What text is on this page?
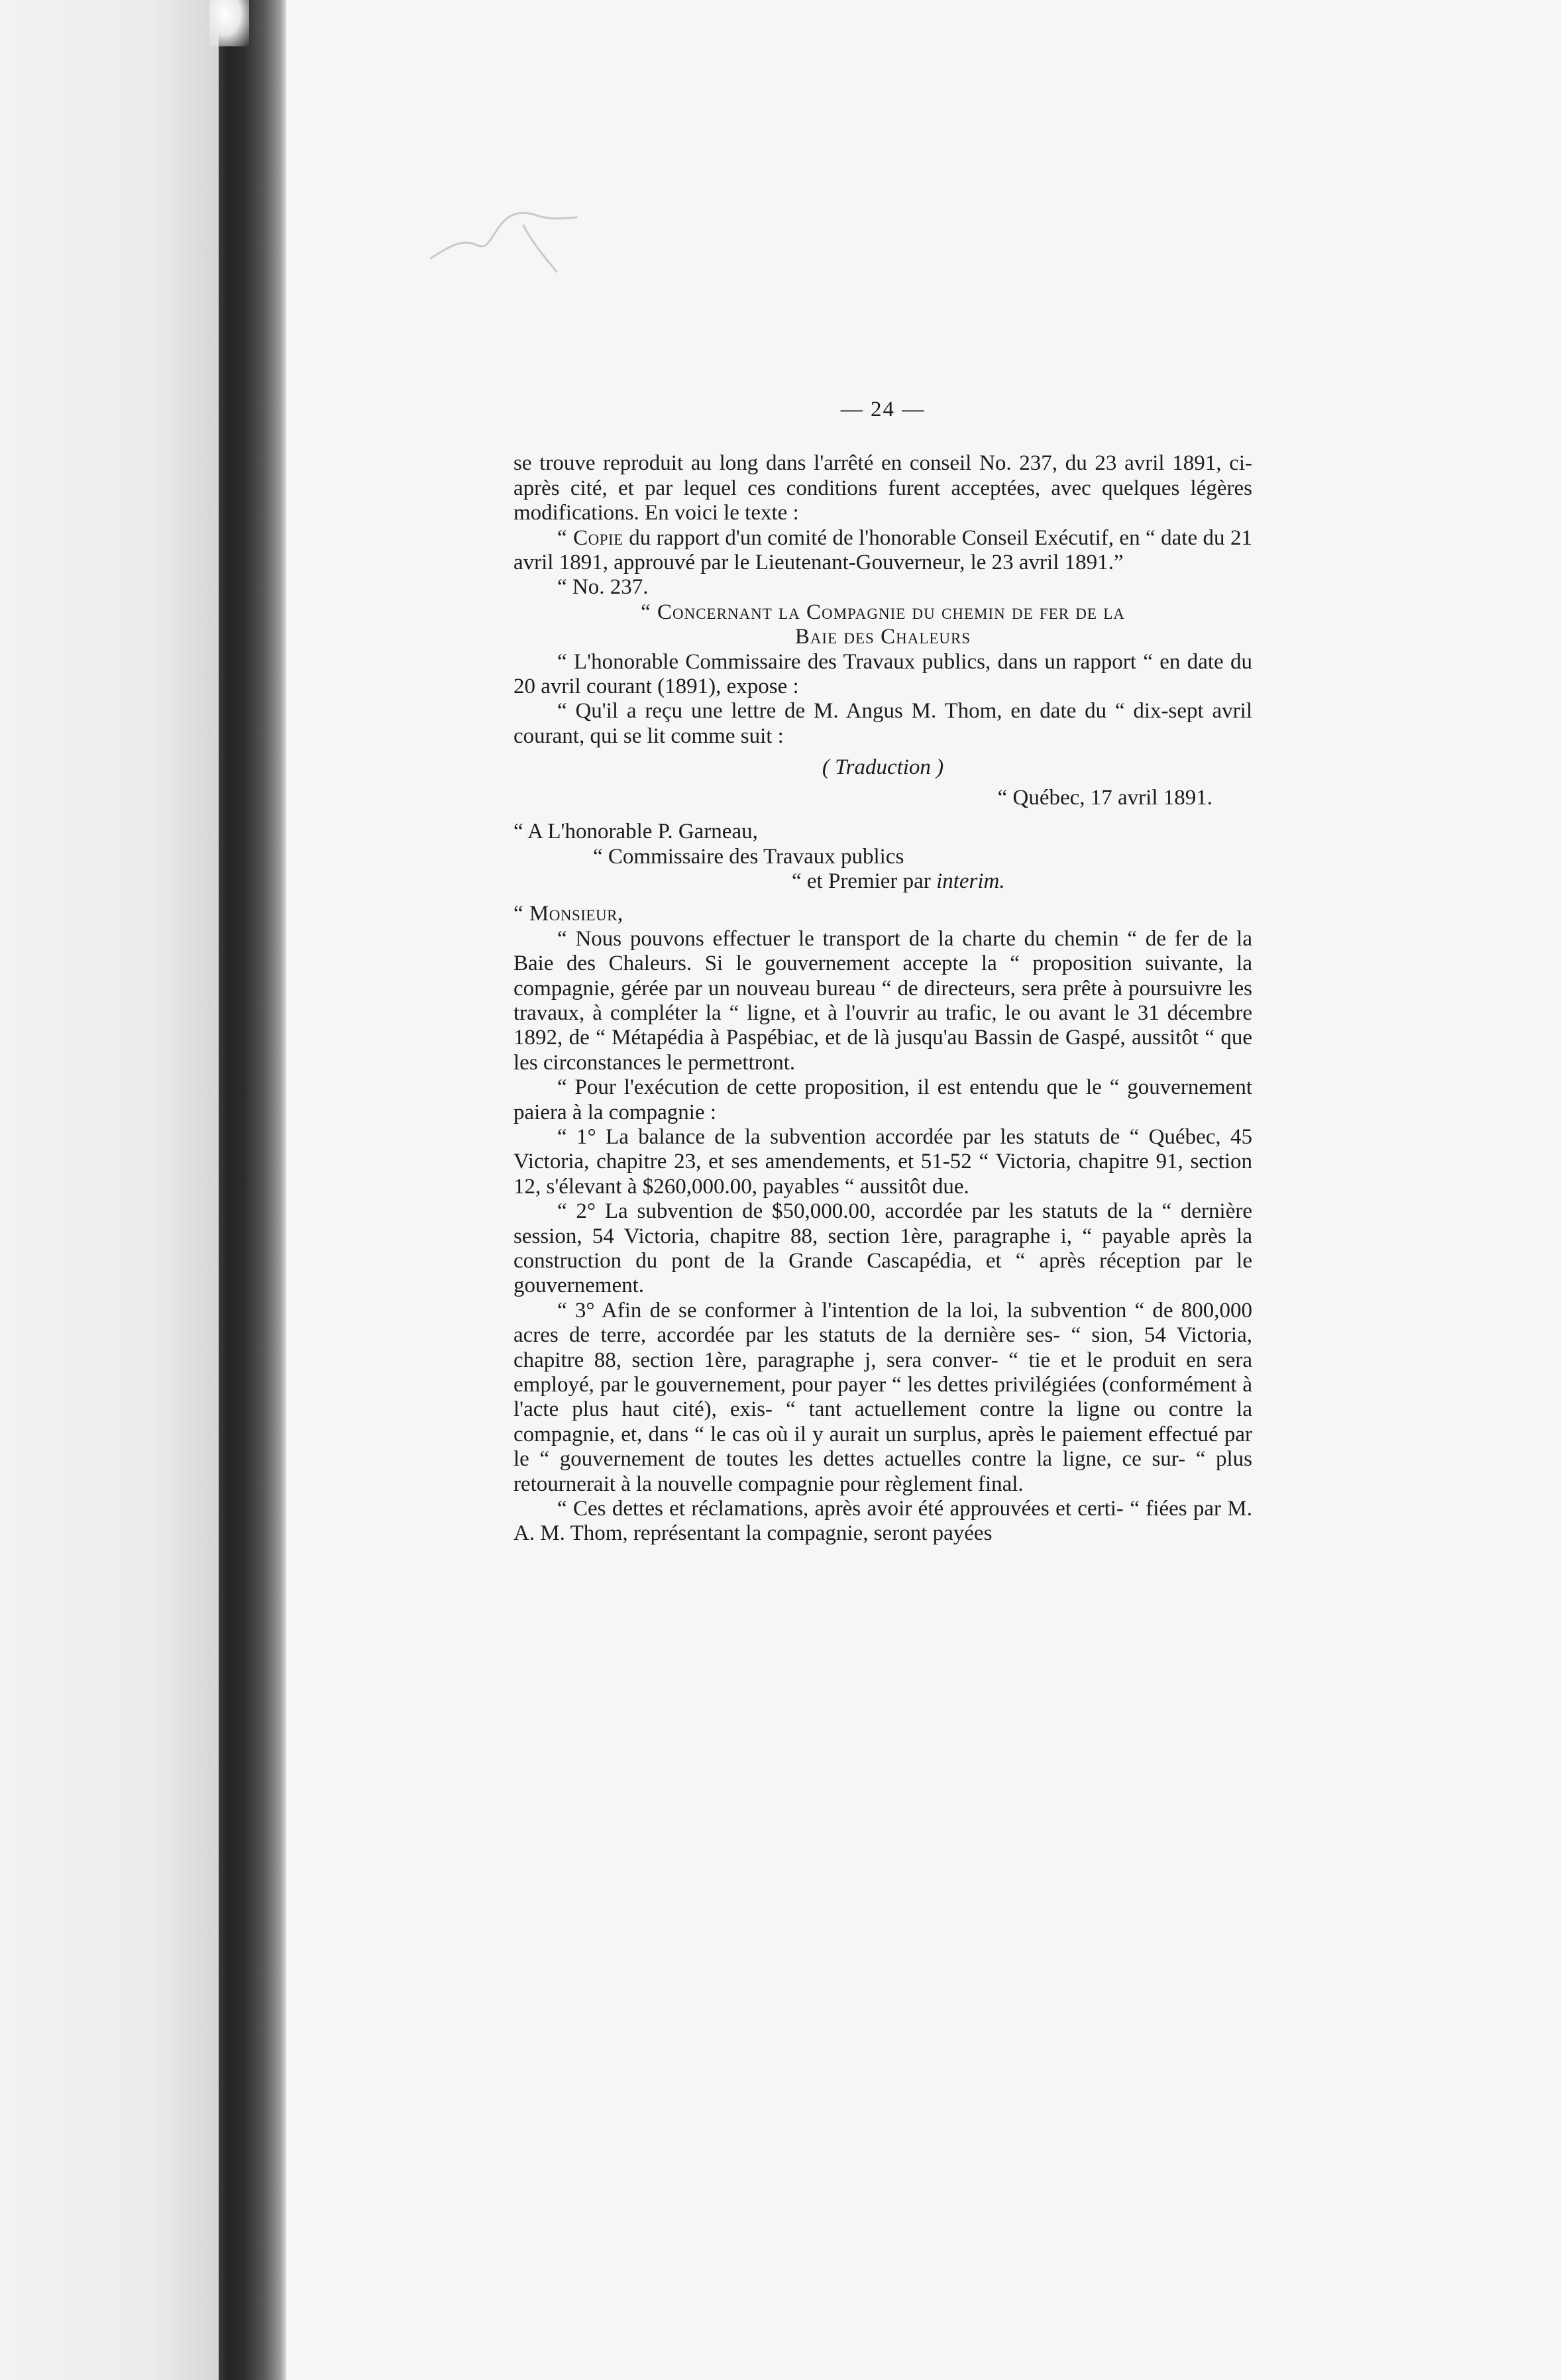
— 24 —

se trouve reproduit au long dans l'arrêté en conseil No. 237, du 23 avril 1891, ci-après cité, et par lequel ces conditions furent acceptées, avec quelques légères modifications. En voici le texte :

“ Copie du rapport d'un comité de l'honorable Conseil Exécutif, en “ date du 21 avril 1891, approuvé par le Lieutenant-Gouverneur, le 23 avril 1891.”

“ No. 237.

“ Concernant la Compagnie du chemin de fer de la

Baie des Chaleurs

“ L'honorable Commissaire des Travaux publics, dans un rapport “ en date du 20 avril courant (1891), expose :

“ Qu'il a reçu une lettre de M. Angus M. Thom, en date du “ dix-sept avril courant, qui se lit comme suit :

( Traduction )

“ Québec, 17 avril 1891.

“ A L'honorable P. Garneau,

“ Commissaire des Travaux publics

“ et Premier par interim.

“ Monsieur,

“ Nous pouvons effectuer le transport de la charte du chemin “ de fer de la Baie des Chaleurs. Si le gouvernement accepte la “ proposition suivante, la compagnie, gérée par un nouveau bureau “ de directeurs, sera prête à poursuivre les travaux, à compléter la “ ligne, et à l'ouvrir au trafic, le ou avant le 31 décembre 1892, de “ Métapédia à Paspébiac, et de là jusqu'au Bassin de Gaspé, aussitôt “ que les circonstances le permettront.

“ Pour l'exécution de cette proposition, il est entendu que le “ gouvernement paiera à la compagnie :

“ 1° La balance de la subvention accordée par les statuts de “ Québec, 45 Victoria, chapitre 23, et ses amendements, et 51-52 “ Victoria, chapitre 91, section 12, s'élevant à $260,000.00, payables “ aussitôt due.

“ 2° La subvention de $50,000.00, accordée par les statuts de la “ dernière session, 54 Victoria, chapitre 88, section 1ère, paragraphe i, “ payable après la construction du pont de la Grande Cascapédia, et “ après réception par le gouvernement.

“ 3° Afin de se conformer à l'intention de la loi, la subvention “ de 800,000 acres de terre, accordée par les statuts de la dernière ses- “ sion, 54 Victoria, chapitre 88, section 1ère, paragraphe j, sera conver- “ tie et le produit en sera employé, par le gouvernement, pour payer “ les dettes privilégiées (conformément à l'acte plus haut cité), exis- “ tant actuellement contre la ligne ou contre la compagnie, et, dans “ le cas où il y aurait un surplus, après le paiement effectué par le “ gouvernement de toutes les dettes actuelles contre la ligne, ce sur- “ plus retournerait à la nouvelle compagnie pour règlement final.

“ Ces dettes et réclamations, après avoir été approuvées et certi- “ fiées par M. A. M. Thom, représentant la compagnie, seront payées
